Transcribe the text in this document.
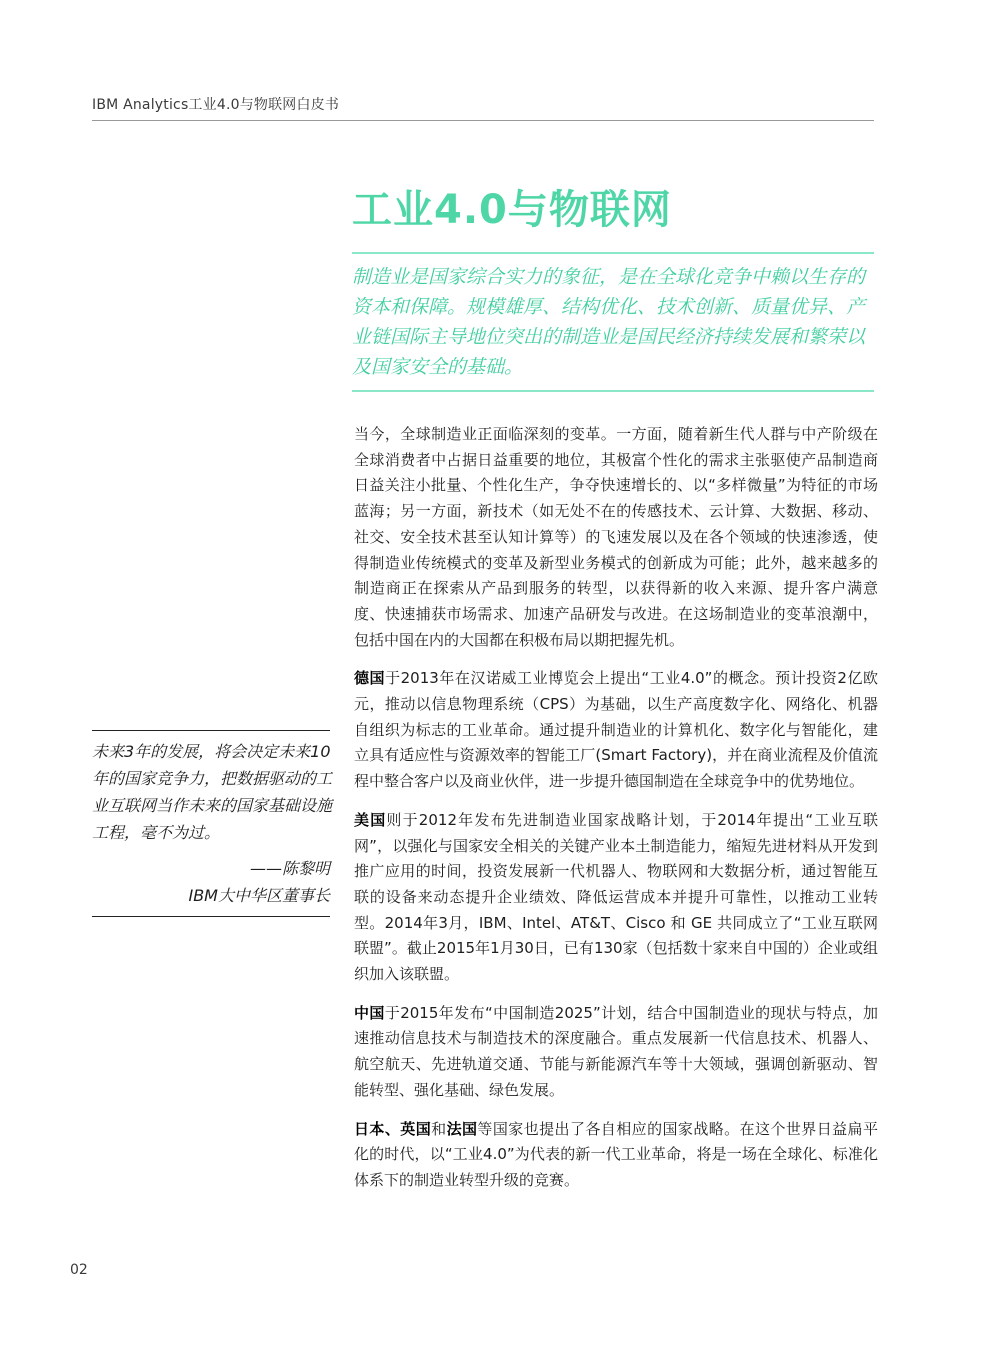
IBM Analytics工业4.0与物联网白皮书
工业4.0与物联网

制造业是国家综合实力的象征，是在全球化竞争中赖以生存的资本和保障。规模雄厚、结构优化、技术创新、质量优异、产业链国际主导地位突出的制造业是国民经济持续发展和繁荣以及国家安全的基础。

未来3年的发展，将会决定未来10年的国家竞争力，把数据驱动的工业互联网当作未来的国家基础设施工程，毫不为过。

——陈黎明
IBM大中华区董事长

当今，全球制造业正面临深刻的变革。一方面，随着新生代人群与中产阶级在全球消费者中占据日益重要的地位，其极富个性化的需求主张驱使产品制造商日益关注小批量、个性化生产，争夺快速增长的、以“多样微量”为特征的市场蓝海；另一方面，新技术（如无处不在的传感技术、云计算、大数据、移动、社交、安全技术甚至认知计算等）的飞速发展以及在各个领域的快速渗透，使得制造业传统模式的变革及新型业务模式的创新成为可能；此外，越来越多的制造商正在探索从产品到服务的转型，以获得新的收入来源、提升客户满意度、快速捕获市场需求、加速产品研发与改进。在这场制造业的变革浪潮中，包括中国在内的大国都在积极布局以期把握先机。

德国于2013年在汉诺威工业博览会上提出“工业4.0”的概念。预计投资2亿欧元，推动以信息物理系统（CPS）为基础，以生产高度数字化、网络化、机器自组织为标志的工业革命。通过提升制造业的计算机化、数字化与智能化，建立具有适应性与资源效率的智能工厂(Smart Factory)，并在商业流程及价值流程中整合客户以及商业伙伴，进一步提升德国制造在全球竞争中的优势地位。

美国则于2012年发布先进制造业国家战略计划，于2014年提出“工业互联网”，以强化与国家安全相关的关键产业本土制造能力，缩短先进材料从开发到推广应用的时间，投资发展新一代机器人、物联网和大数据分析，通过智能互联的设备来动态提升企业绩效、降低运营成本并提升可靠性，以推动工业转型。2014年3月，IBM、Intel、AT&T、Cisco 和 GE 共同成立了“工业互联网联盟”。截止2015年1月30日，已有130家（包括数十家来自中国的）企业或组织加入该联盟。

中国于2015年发布“中国制造2025”计划，结合中国制造业的现状与特点，加速推动信息技术与制造技术的深度融合。重点发展新一代信息技术、机器人、航空航天、先进轨道交通、节能与新能源汽车等十大领域，强调创新驱动、智能转型、强化基础、绿色发展。

日本、英国和法国等国家也提出了各自相应的国家战略。在这个世界日益扁平化的时代，以“工业4.0”为代表的新一代工业革命，将是一场在全球化、标准化体系下的制造业转型升级的竞赛。

02
